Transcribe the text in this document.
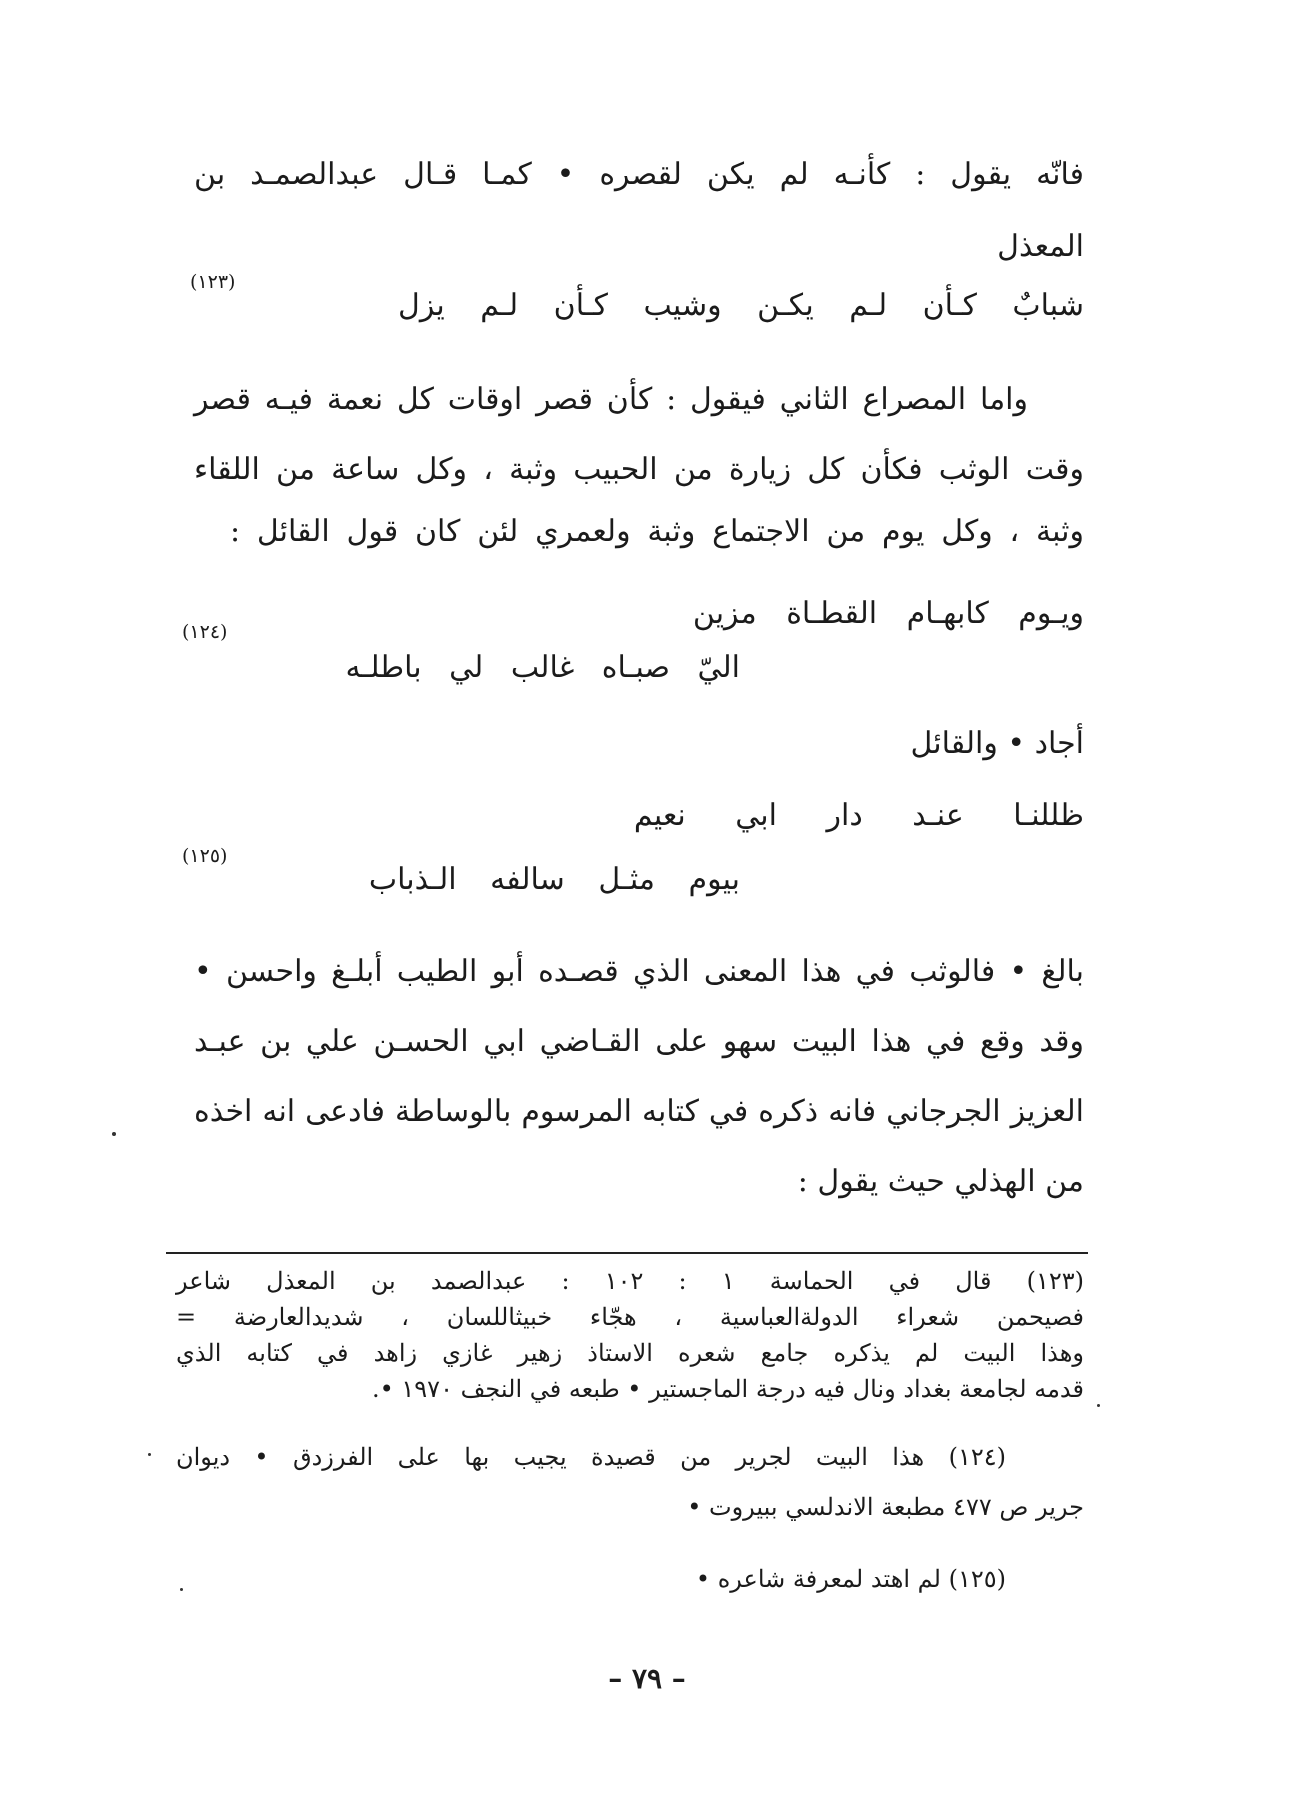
فانّه يقول : كأنـه لم يكن لقصره • كمـا قـال عبدالصمـد بن
المعذل
شبابٌ كـأن لـم يكـن وشيب كـأن لـم يزل
(١٢٣)
واما المصراع الثاني فيقول : كأن قصر اوقات كل نعمة فيـه قصر
وقت الوثب فكأن كل زيارة من الحبيب وثبة ، وكل ساعة من اللقاء
وثبة ، وكل يوم من الاجتماع وثبة ولعمري لئن كان قول القائل :
ويـوم كابهـام القطـاة مزين
اليّ صبـاه غالب لي باطلـه
(١٢٤)
أجاد • والقائل
ظللنـا عنـد دار ابي نعيم
بيوم مثـل سالفه الـذباب
(١٢٥)
بالغ • فالوثب في هذا المعنى الذي قصـده أبو الطيب أبلـغ واحسن •
وقد وقع في هذا البيت سهو على القـاضي ابي الحسـن علي بن عبـد
العزيز الجرجاني فانه ذكره في كتابه المرسوم بالوساطة فادعى انه اخذه
من الهذلي حيث يقول :
(١٢٣) قال في الحماسة ١ : ١٠٢ : عبدالصمد بن المعذل شاعر
فصيحمن شعراء الدولةالعباسية ، هجّاء خبيثاللسان ، شديدالعارضة =
وهذا البيت لم يذكره جامع شعره الاستاذ زهير غازي زاهد في كتابه الذي
قدمه لجامعة بغداد ونال فيه درجة الماجستير • طبعه في النجف ١٩٧٠ •.
(١٢٤) هذا البيت لجرير من قصيدة يجيب بها على الفرزدق • ديوان
جرير ص ٤٧٧ مطبعة الاندلسي ببيروت •
(١٢٥) لم اهتد لمعرفة شاعره •
– ٧٩ –
